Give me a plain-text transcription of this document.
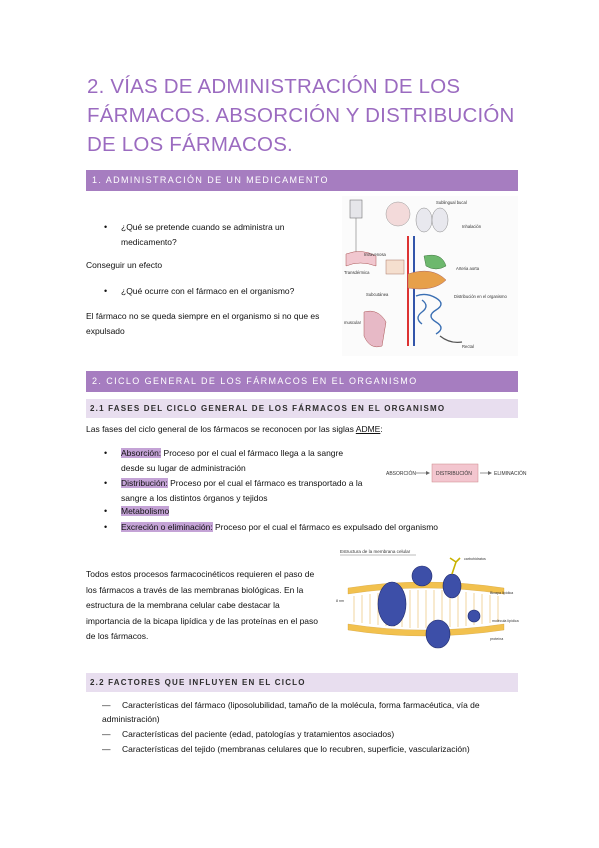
2. VÍAS DE ADMINISTRACIÓN DE LOS FÁRMACOS. ABSORCIÓN Y DISTRIBUCIÓN DE LOS FÁRMACOS.
1. ADMINISTRACIÓN DE UN MEDICAMENTO
• ¿Qué se pretende cuando se administra un medicamento?
Conseguir un efecto
• ¿Qué ocurre con el fármaco en el organismo?
El fármaco no se queda siempre en el organismo si no que es expulsado
Sublingual bucal
Inhalación
Intravenosa
Transdérmica
Arteria aorta
Subcutánea	Distribución en el organismo
muscular
Rectal
2. CICLO GENERAL DE LOS FÁRMACOS EN EL ORGANISMO
2.1 FASES DEL CICLO GENERAL DE LOS FÁRMACOS EN EL ORGANISMO
Las fases del ciclo general de los fármacos se reconocen por las siglas ADME:
• Absorción: Proceso por el cual el fármaco llega a la sangre desde su lugar de administración
• Distribución: Proceso por el cual el fármaco es transportado a la sangre a los distintos órganos y tejidos
• Metabolismo
• Excreción o eliminación: Proceso por el cual el fármaco es expulsado del organismo
ABSORCIÓN	DISTRIBUCIÓN	ELIMINACIÓN
Todos estos procesos farmacocinéticos requieren el paso de los fármacos a través de las membranas biológicas. En la estructura de la membrana celular cabe destacar la importancia de la bicapa lipídica y de las proteínas en el paso de los fármacos.
Estructura de la membrana celular
carbohidratos
Bicapa lipídica
molécula lipídica
proteína
8 nm
2.2 FACTORES QUE INFLUYEN EN EL CICLO
— Características del fármaco (liposolubilidad, tamaño de la molécula, forma farmacéutica, vía de administración)
— Características del paciente (edad, patologías y tratamientos asociados)
— Características del tejido (membranas celulares que lo recubren, superficie, vascularización)
